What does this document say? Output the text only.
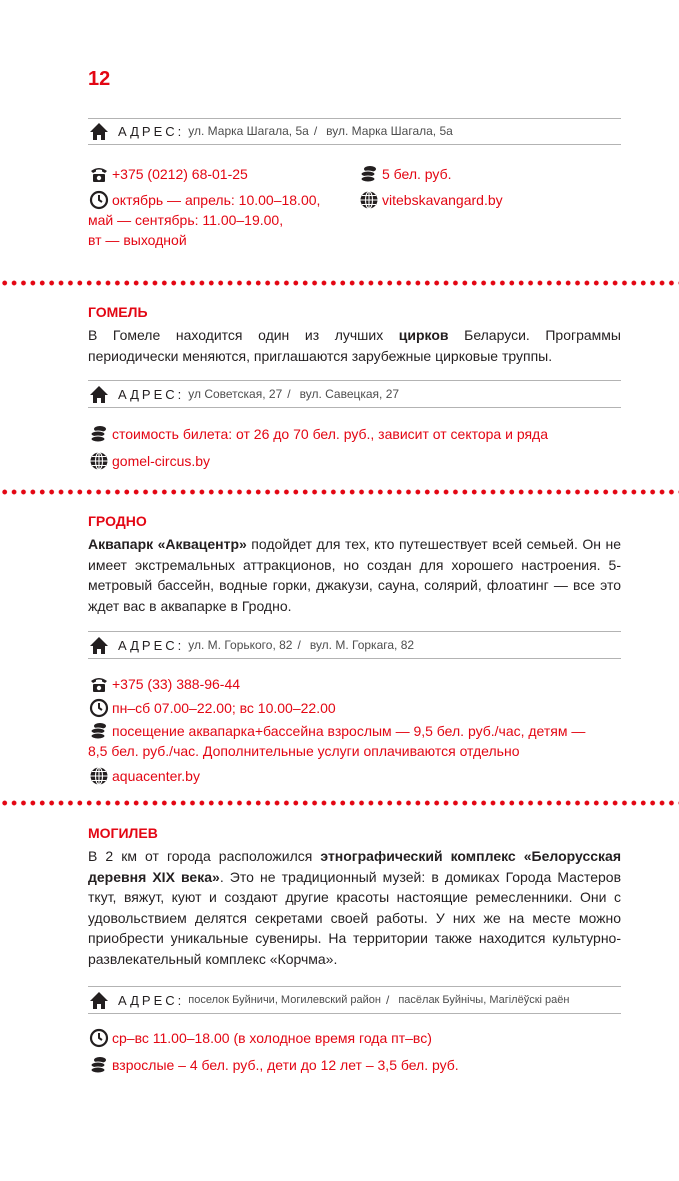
12
АДРЕС: ул. Марка Шагала, 5а / вул. Марка Шагала, 5а
+375 (0212) 68-01-25
октябрь — апрель: 10.00–18.00,
май — сентябрь: 11.00–19.00,
вт — выходной
5 бел. руб.
vitebskavangard.by
ГОМЕЛЬ
В Гомеле находится один из лучших цирков Беларуси. Программы периодически меняются, приглашаются зарубежные цирковые труппы.
АДРЕС: ул Советская, 27 / вул. Савецкая, 27
стоимость билета: от 26 до 70 бел. руб., зависит от сектора и ряда
gomel-circus.by
ГРОДНО
Аквапарк «Аквацентр» подойдет для тех, кто путешествует всей семьей. Он не имеет экстремальных аттракционов, но создан для хорошего настроения. 5-метровый бассейн, водные горки, джакузи, сауна, солярий, флоатинг — все это ждет вас в аквапарке в Гродно.
АДРЕС: ул. М. Горького, 82 / вул. М. Горкага, 82
+375 (33) 388-96-44
пн–сб 07.00–22.00; вс 10.00–22.00
посещение аквапарка+бассейна взрослым — 9,5 бел. руб./час, детям —
8,5 бел. руб./час. Дополнительные услуги оплачиваются отдельно
aquacenter.by
МОГИЛЕВ
В 2 км от города расположился этнографический комплекс «Белорусская деревня XIX века». Это не традиционный музей: в домиках Города Мастеров ткут, вяжут, куют и создают другие красоты настоящие ремесленники. Они с удовольствием делятся секретами своей работы. У них же на месте можно приобрести уникальные сувениры. На территории также находится культурно-развлекательный комплекс «Корчма».
АДРЕС: поселок Буйничи, Могилевский район / пасёлак Буйнічы, Магілёўскі раён
ср–вс 11.00–18.00 (в холодное время года пт–вс)
взрослые – 4 бел. руб., дети до 12 лет – 3,5 бел. руб.
